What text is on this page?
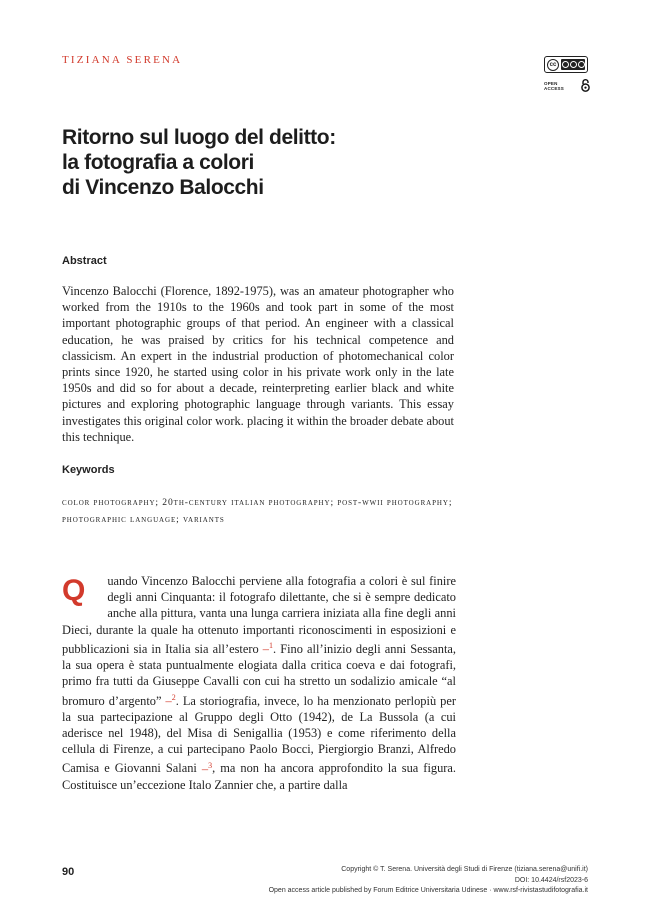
TIZIANA SERENA	cc
OPEN ACCESS
Ritorno sul luogo del delitto:
la fotografia a colori
di Vincenzo Balocchi
Abstract

Vincenzo Balocchi (Florence, 1892-1975), was an amateur photographer who worked from the 1910s to the 1960s and took part in some of the most important photographic groups of that period. An engineer with a classical education, he was praised by critics for his technical competence and classicism. An expert in the industrial production of photomechanical color prints since 1920, he started using color in his private work only in the late 1950s and did so for about a decade, reinterpreting earlier black and white pictures and exploring photographic language through variants. This essay investigates this original color work. placing it within the broader debate about this technique.

Keywords

color photography; 20th-century italian photography; post-wwii photography; photographic language; variants

Q uando Vincenzo Balocchi perviene alla fotografia a colori è sul finire degli anni Cinquanta: il fotografo dilettante, che si è sempre dedicato anche alla pittura, vanta una lunga carriera iniziata alla fine degli anni Dieci, durante la quale ha ottenuto importanti riconoscimenti in esposizioni e pubblicazioni sia in Italia sia all’estero –$^1$. Fino all’inizio degli anni Sessanta, la sua opera è stata puntualmente elogiata dalla critica coeva e dai fotografi, primo fra tutti da Giuseppe Cavalli con cui ha stretto un sodalizio amicale “al bromuro d’argento” –$^2$. La storiografia, invece, lo ha menzionato perlopiù per la sua partecipazione al Gruppo degli Otto (1942), de La Bussola (a cui aderisce nel 1948), del Misa di Senigallia (1953) e come riferimento della cellula di Firenze, a cui partecipano Paolo Bocci, Piergiorgio Branzi, Alfredo Camisa e Giovanni Salani –$^3$, ma non ha ancora approfondito la sua figura. Costituisce un’eccezione Italo Zannier che, a partire dalla

90	Copyright © T. Serena. Università degli Studi di Firenze (tiziana.serena@unifi.it)
DOI: 10.4424/rsf2023-6
Open access article published by Forum Editrice Universitaria Udinese · www.rsf-rivistastudifotografia.it
